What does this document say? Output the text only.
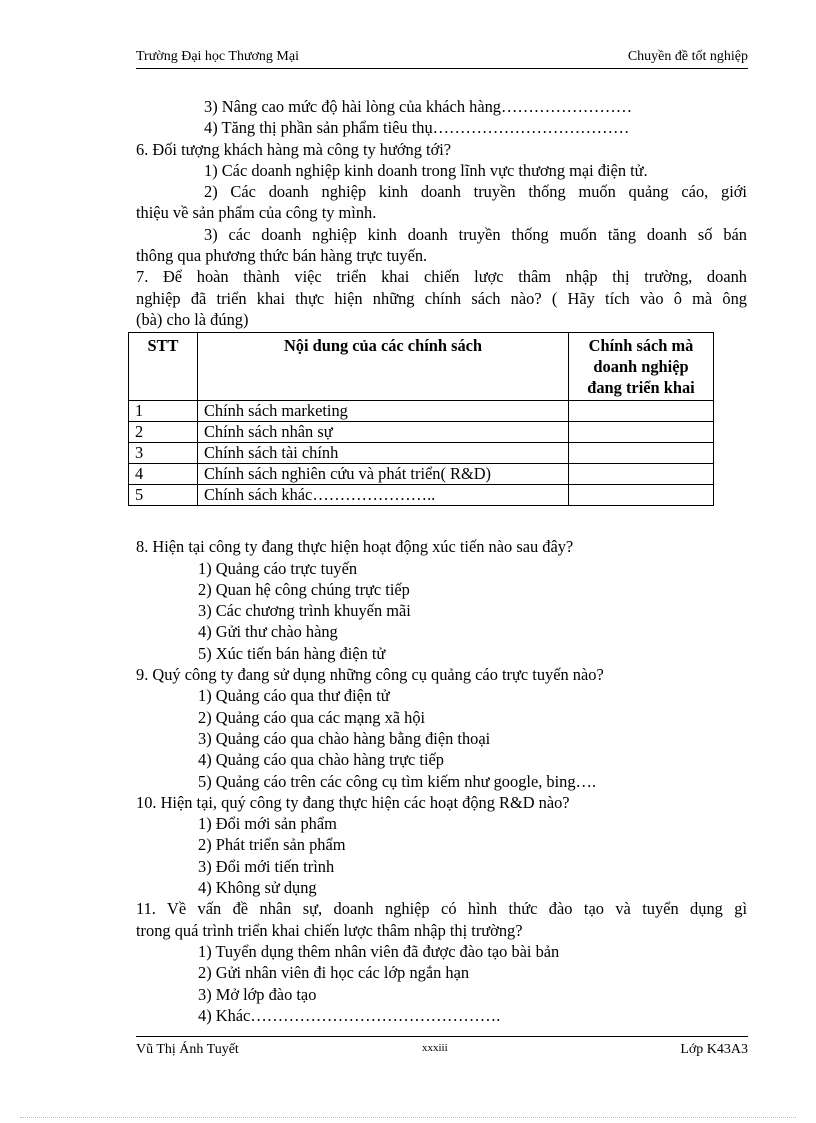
Trường Đại học Thương Mại	Chuyền đề tốt nghiệp
3) Nâng cao mức độ hài lòng của khách hàng……………………
4) Tăng thị phần sản phẩm tiêu thụ………………………………
6. Đối tượng khách hàng mà công ty hướng tới?
1) Các doanh nghiệp kinh doanh trong lĩnh vực thương mại điện tử.
2) Các doanh nghiệp kinh doanh truyền thống muốn quảng cáo, giới
thiệu về sản phẩm của công ty mình.
3) các doanh nghiệp kinh doanh truyền thống muốn tăng doanh số bán
thông qua phương thức bán hàng trực tuyến.
7. Để hoàn thành việc triển khai chiến lược thâm nhập thị trường, doanh
nghiệp đã triển khai thực hiện những chính sách nào? ( Hãy tích vào ô mà ông
(bà) cho là đúng)
STT	Nội dung của các chính sách	Chính sách mà doanh nghiệp đang triển khai
1	Chính sách marketing	
2	Chính sách nhân sự	
3	Chính sách tài chính	
4	Chính sách nghiên cứu và phát triển( R&D)	
5	Chính sách khác…………………..	
8. Hiện tại công ty đang thực hiện hoạt động xúc tiến nào sau đây?
1) Quảng cáo trực tuyến
2) Quan hệ công chúng trực tiếp
3) Các chương trình khuyến mãi
4) Gửi thư chào hàng
5) Xúc tiến bán hàng điện tử
9. Quý công ty đang sử dụng những công cụ quảng cáo trực tuyến nào?
1) Quảng cáo qua thư điện tử
2) Quảng cáo qua các mạng xã hội
3) Quảng cáo qua chào hàng bằng điện thoại
4) Quảng cáo qua chào hàng trực tiếp
5) Quảng cáo trên các công cụ tìm kiếm như google, bing….
10. Hiện tại, quý công ty đang thực hiện các hoạt động R&D nào?
1) Đổi mới sản phẩm
2) Phát triển sản phẩm
3) Đổi mới tiến trình
4) Không sử dụng
11. Về vấn đề nhân sự, doanh nghiệp có hình thức đào tạo và tuyển dụng gì
trong quá trình triển khai chiến lược thâm nhập thị trường?
1) Tuyển dụng thêm nhân viên đã được đào tạo bài bản
2) Gửi nhân viên đi học các lớp ngắn hạn
3) Mở lớp đào tạo
4) Khác……………………………………….
Vũ Thị Ánh Tuyết	xxxiii	Lớp K43A3
